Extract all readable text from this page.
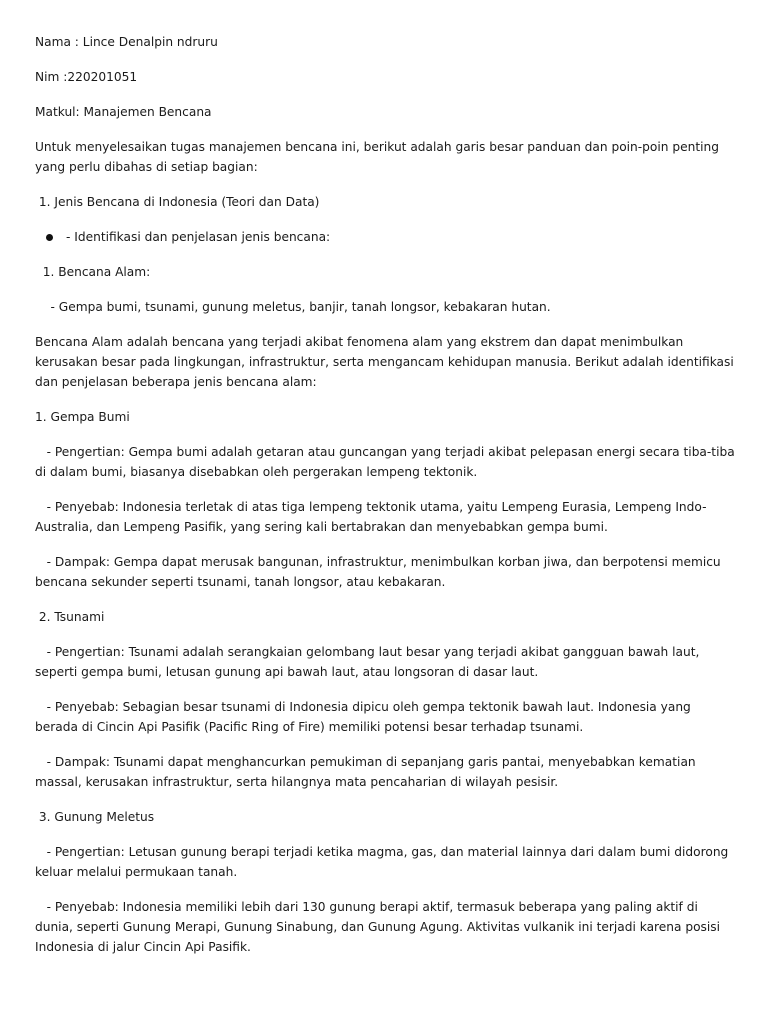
Nama : Lince Denalpin ndruru

Nim :220201051

Matkul: Manajemen Bencana

Untuk menyelesaikan tugas manajemen bencana ini, berikut adalah garis besar panduan dan poin-poin penting yang perlu dibahas di setiap bagian:

1. Jenis Bencana di Indonesia (Teori dan Data)

- Identifikasi dan penjelasan jenis bencana:

1. Bencana Alam:

- Gempa bumi, tsunami, gunung meletus, banjir, tanah longsor, kebakaran hutan.

Bencana Alam adalah bencana yang terjadi akibat fenomena alam yang ekstrem dan dapat menimbulkan kerusakan besar pada lingkungan, infrastruktur, serta mengancam kehidupan manusia. Berikut adalah identifikasi dan penjelasan beberapa jenis bencana alam:

1. Gempa Bumi

- Pengertian: Gempa bumi adalah getaran atau guncangan yang terjadi akibat pelepasan energi secara tiba-tiba di dalam bumi, biasanya disebabkan oleh pergerakan lempeng tektonik.

- Penyebab: Indonesia terletak di atas tiga lempeng tektonik utama, yaitu Lempeng Eurasia, Lempeng Indo-Australia, dan Lempeng Pasifik, yang sering kali bertabrakan dan menyebabkan gempa bumi.

- Dampak: Gempa dapat merusak bangunan, infrastruktur, menimbulkan korban jiwa, dan berpotensi memicu bencana sekunder seperti tsunami, tanah longsor, atau kebakaran.

2. Tsunami

- Pengertian: Tsunami adalah serangkaian gelombang laut besar yang terjadi akibat gangguan bawah laut, seperti gempa bumi, letusan gunung api bawah laut, atau longsoran di dasar laut.

- Penyebab: Sebagian besar tsunami di Indonesia dipicu oleh gempa tektonik bawah laut. Indonesia yang berada di Cincin Api Pasifik (Pacific Ring of Fire) memiliki potensi besar terhadap tsunami.

- Dampak: Tsunami dapat menghancurkan pemukiman di sepanjang garis pantai, menyebabkan kematian massal, kerusakan infrastruktur, serta hilangnya mata pencaharian di wilayah pesisir.

3. Gunung Meletus

- Pengertian: Letusan gunung berapi terjadi ketika magma, gas, dan material lainnya dari dalam bumi didorong keluar melalui permukaan tanah.

- Penyebab: Indonesia memiliki lebih dari 130 gunung berapi aktif, termasuk beberapa yang paling aktif di dunia, seperti Gunung Merapi, Gunung Sinabung, dan Gunung Agung. Aktivitas vulkanik ini terjadi karena posisi Indonesia di jalur Cincin Api Pasifik.
